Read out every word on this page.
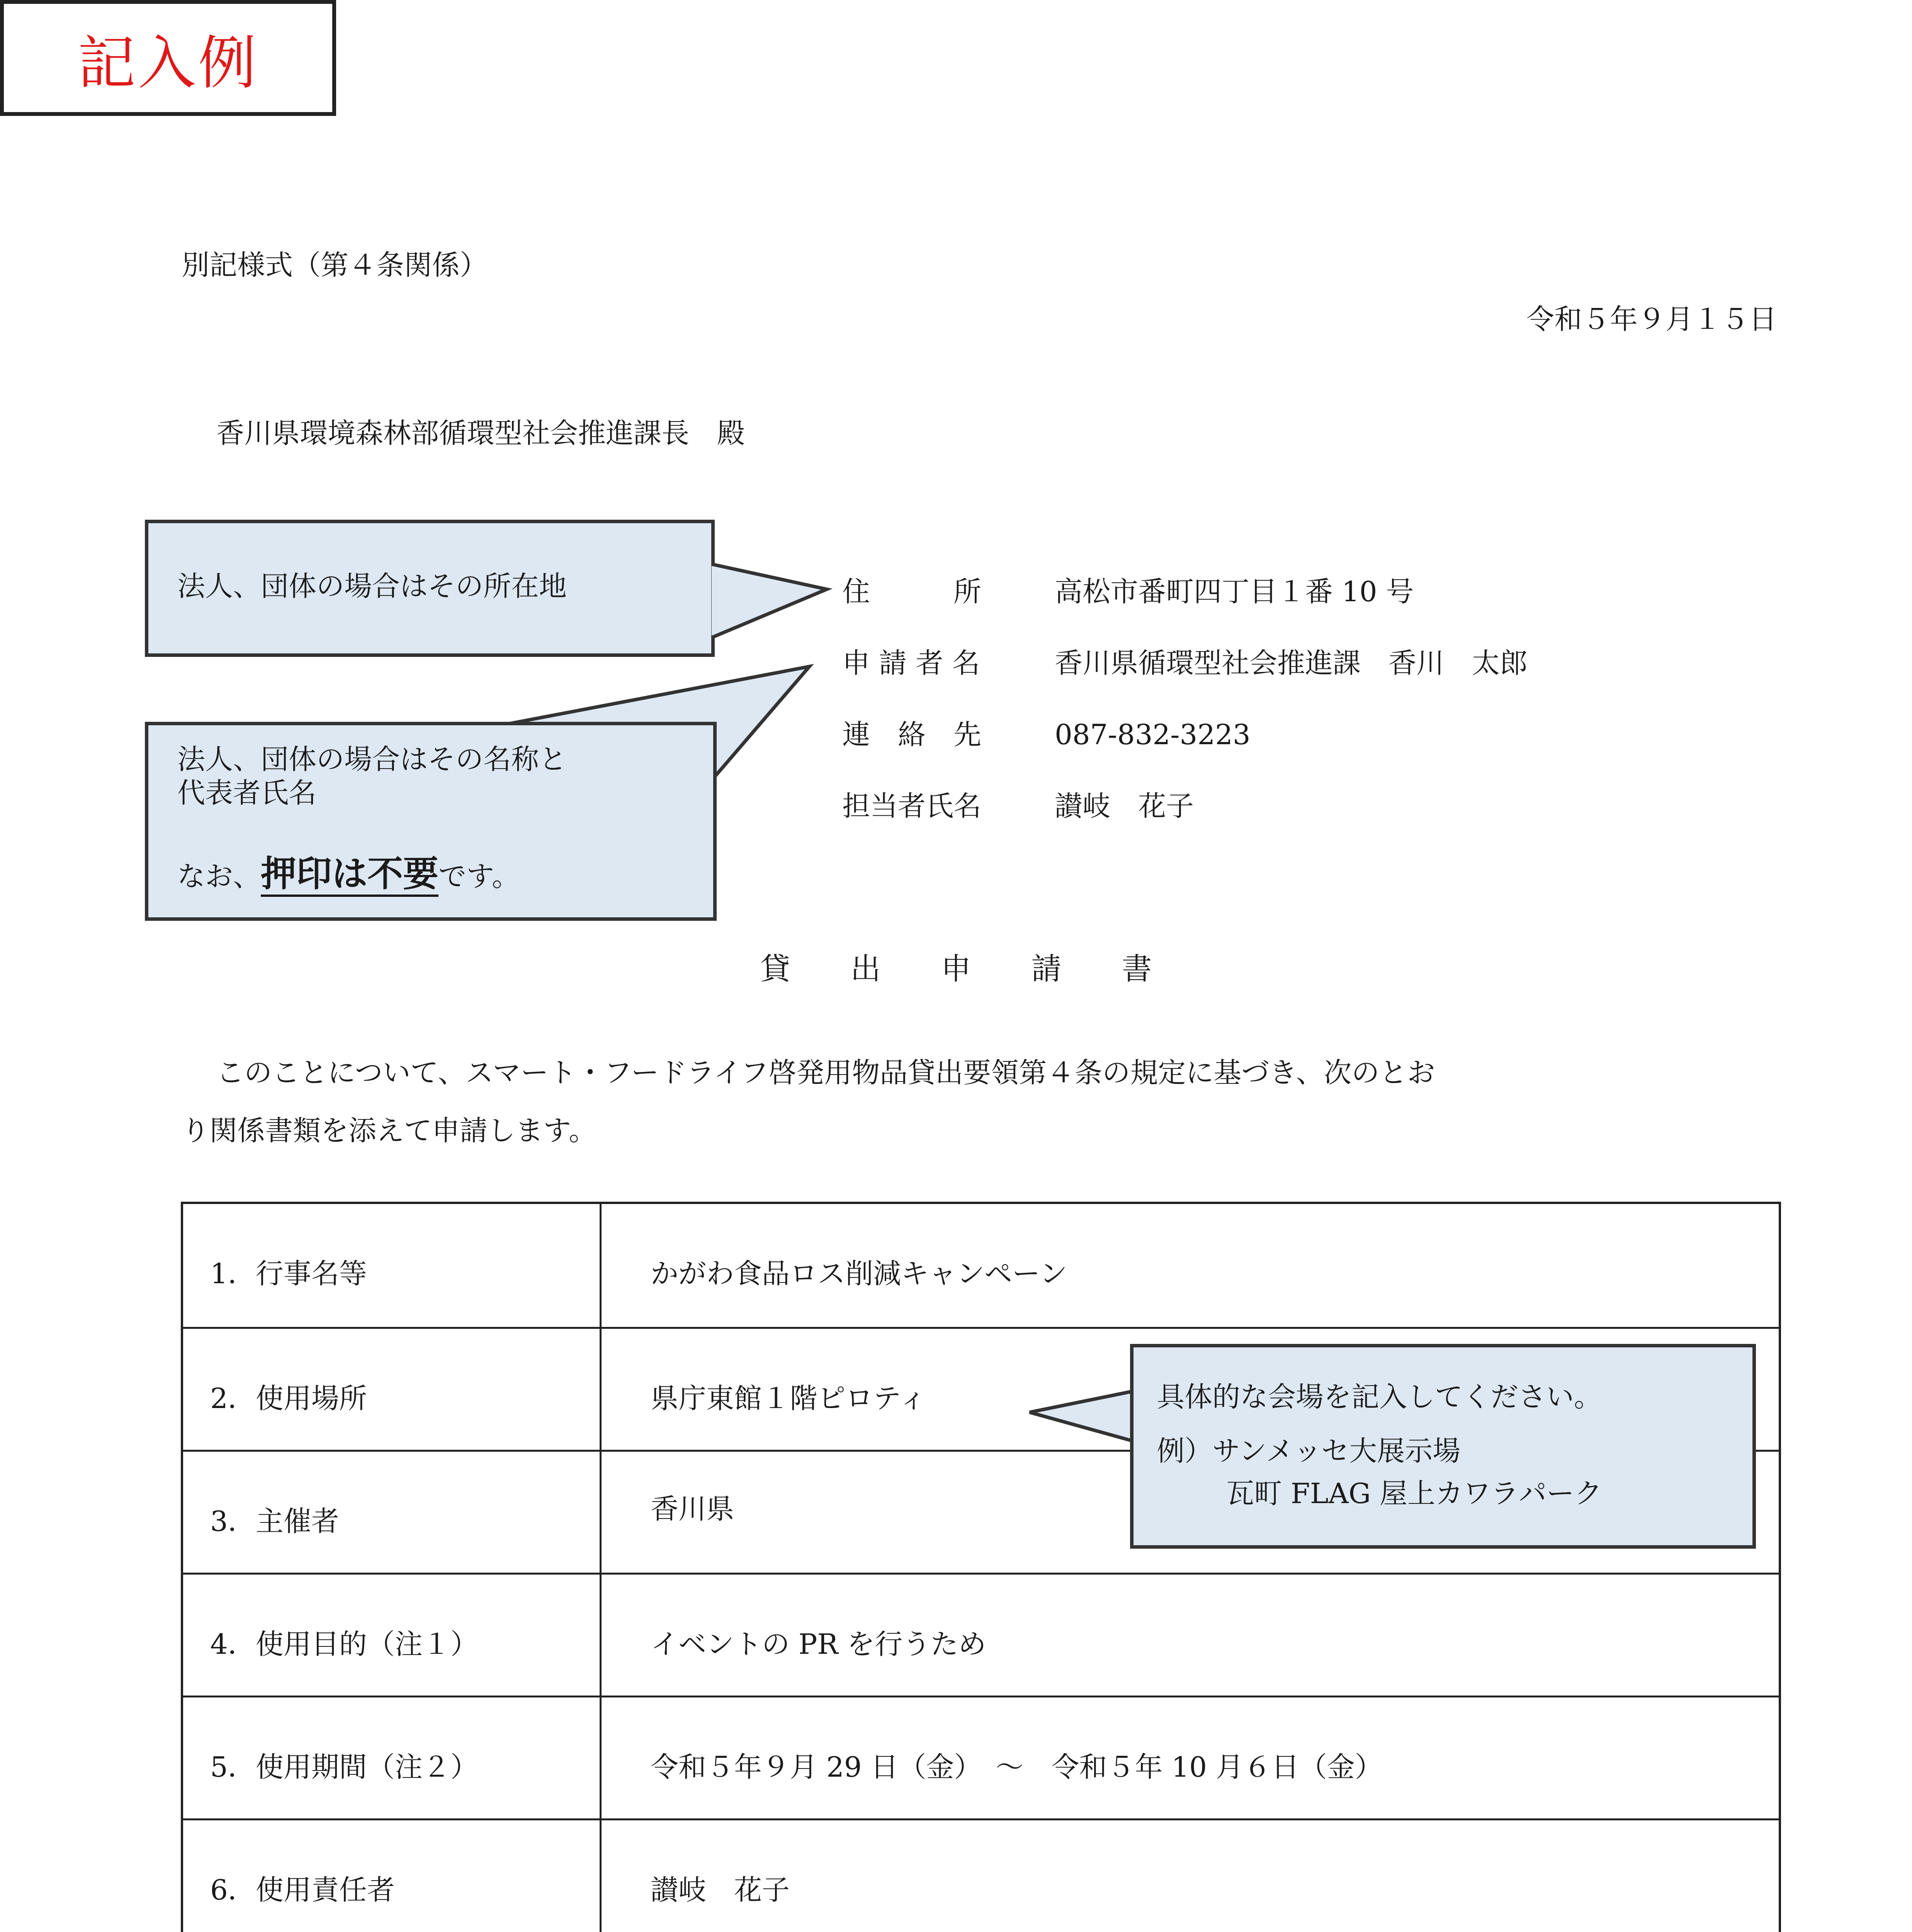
記入例
別記様式（第４条関係）
令和５年９月１５日
香川県環境森林部循環型社会推進課長　殿
住　　　所	高松市番町四丁目１番 10 号
申 請 者 名	香川県循環型社会推進課　香川　太郎
連　絡　先	087-832-3223
担当者氏名	讃岐　花子
法人、団体の場合はその所在地
法人、団体の場合はその名称と
代表者氏名
なお、押印は不要です。
貸　　出　　申　　請　　書
このことについて、スマート・フードライフ啓発用物品貸出要領第４条の規定に基づき、次のとお
り関係書類を添えて申請します。
1．行事名等	かがわ食品ロス削減キャンペーン
2．使用場所	県庁東館１階ピロティ
3．主催者	香川県
4．使用目的（注１）	イベントの PR を行うため
5．使用期間（注２）	令和５年９月 29 日（金）　～　令和５年 10 月６日（金）
6．使用責任者	讃岐　花子
具体的な会場を記入してください。
例）サンメッセ大展示場
瓦町 FLAG 屋上カワラパーク
